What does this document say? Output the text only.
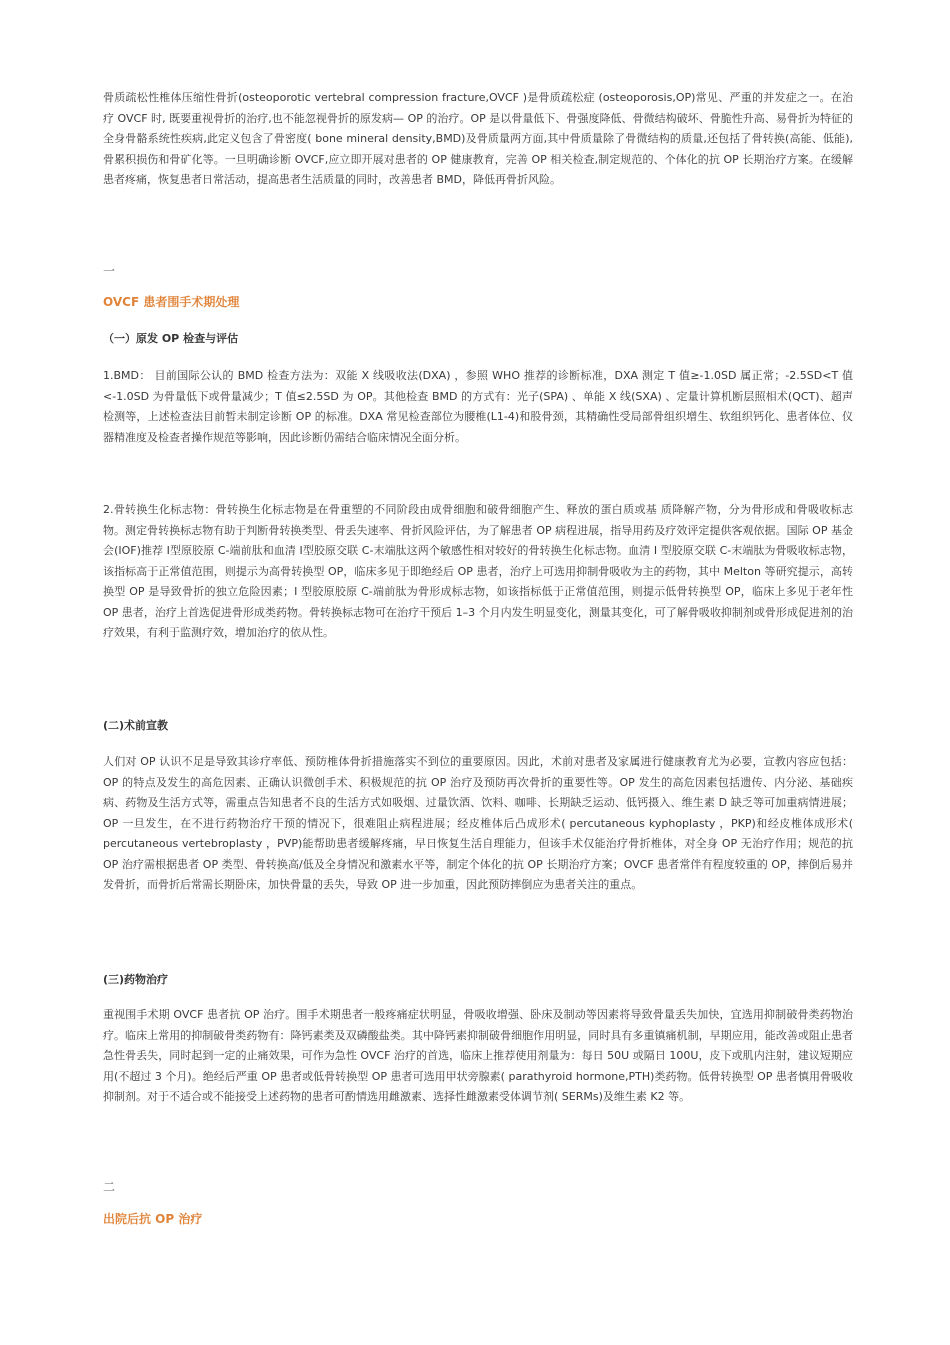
骨质疏松性椎体压缩性骨折(osteoporotic vertebral compression fracture,OVCF )是骨质疏松症 (osteoporosis,OP)常见、严重的并发症之一。在治疗 OVCF 时, 既要重视骨折的治疗,也不能忽视骨折的原发病— OP 的治疗。OP 是以骨量低下、骨强度降低、骨微结构破坏、骨脆性升高、易骨折为特征的全身骨骼系统性疾病,此定义包含了骨密度( bone mineral density,BMD)及骨质量两方面,其中骨质量除了骨微结构的质量,还包括了骨转换(高能、低能),骨累积损伤和骨矿化等。一旦明确诊断 OVCF,应立即开展对患者的 OP 健康教育，完善 OP 相关检查,制定规范的、个体化的抗 OP 长期治疗方案。在缓解患者疼痛，恢复患者日常活动，提高患者生活质量的同时，改善患者 BMD，降低再骨折风险。

一

OVCF 患者围手术期处理

（一）原发 OP 检查与评估

1.BMD： 目前国际公认的 BMD 检查方法为：双能 X 线吸收法(DXA) ，参照 WHO 推荐的诊断标准，DXA 测定 T 值≥-1.0SD 属正常；-2.5SD<T 值<-1.0SD 为骨量低下或骨量减少；T 值≤2.5SD 为 OP。其他检查 BMD 的方式有：光子(SPA) 、单能 X 线(SXA) 、定量计算机断层照相术(QCT)、超声检测等，上述检查法目前暂未制定诊断 OP 的标准。DXA 常见检查部位为腰椎(L1-4)和股骨颈，其精确性受局部骨组织增生、软组织钙化、患者体位、仪器精准度及检查者操作规范等影响，因此诊断仍需结合临床情况全面分析。

2.骨转换生化标志物：骨转换生化标志物是在骨重塑的不同阶段由成骨细胞和破骨细胞产生、释放的蛋白质或基 质降解产物，分为骨形成和骨吸收标志物。测定骨转换标志物有助于判断骨转换类型、骨丢失速率、骨折风险评估，为了解患者 OP 病程进展，指导用药及疗效评定提供客观依据。国际 OP 基金会(IOF)推荐 Ⅰ型原胶原 C-端前肽和血清 Ⅰ型胶原交联 C-末端肽这两个敏感性相对较好的骨转换生化标志物。血清 I 型胶原交联 C-末端肽为骨吸收标志物，该指标高于正常值范围，则提示为高骨转换型 OP，临床多见于即绝经后 OP 患者，治疗上可选用抑制骨吸收为主的药物，其中 Melton 等研究提示，高转换型 OP 是导致骨折的独立危险因素；I 型胶原胶原 C-端前肽为骨形成标志物，如该指标低于正常值范围，则提示低骨转换型 OP，临床上多见于老年性 OP 患者，治疗上首选促进骨形成类药物。骨转换标志物可在治疗干预后 1–3 个月内发生明显变化，测量其变化，可了解骨吸收抑制剂或骨形成促进剂的治疗效果，有利于监测疗效，增加治疗的依从性。

(二)术前宣教

人们对 OP 认识不足是导致其诊疗率低、预防椎体骨折措施落实不到位的重要原因。因此，术前对患者及家属进行健康教育尤为必要，宣教内容应包括：OP 的特点及发生的高危因素、正确认识微创手术、积极规范的抗 OP 治疗及预防再次骨折的重要性等。OP 发生的高危因素包括遗传、内分泌、基础疾病、药物及生活方式等，需重点告知患者不良的生活方式如吸烟、过量饮酒、饮料、咖啡、长期缺乏运动、低钙摄入、维生素 D 缺乏等可加重病情进展；OP 一旦发生，在不进行药物治疗干预的情况下，很难阻止病程进展；经皮椎体后凸成形术( percutaneous kyphoplasty ，PKP)和经皮椎体成形术( percutaneous vertebroplasty ，PVP)能帮助患者缓解疼痛，早日恢复生活自理能力，但该手术仅能治疗骨折椎体，对全身 OP 无治疗作用；规范的抗 OP 治疗需根据患者 OP 类型、骨转换高/低及全身情况和激素水平等，制定个体化的抗 OP 长期治疗方案；OVCF 患者常伴有程度较重的 OP，摔倒后易并发骨折，而骨折后常需长期卧床，加快骨量的丢失，导致 OP 进一步加重，因此预防摔倒应为患者关注的重点。

(三)药物治疗

重视围手术期 OVCF 患者抗 OP 治疗。围手术期患者一般疼痛症状明显，骨吸收增强、卧床及制动等因素将导致骨量丢失加快，宜选用抑制破骨类药物治疗。临床上常用的抑制破骨类药物有：降钙素类及双磷酸盐类。其中降钙素抑制破骨细胞作用明显，同时具有多重镇痛机制，早期应用，能改善或阻止患者急性骨丢失，同时起到一定的止痛效果，可作为急性 OVCF 治疗的首选，临床上推荐使用剂量为：每日 50U 或隔日 100U，皮下或肌内注射，建议短期应用(不超过 3 个月)。绝经后严重 OP 患者或低骨转换型 OP 患者可选用甲状旁腺素( parathyroid hormone,PTH)类药物。低骨转换型 OP 患者慎用骨吸收抑制剂。对于不适合或不能接受上述药物的患者可酌情选用雌激素、选择性雌激素受体调节剂( SERMs)及维生素 K2 等。

二

出院后抗 OP 治疗
